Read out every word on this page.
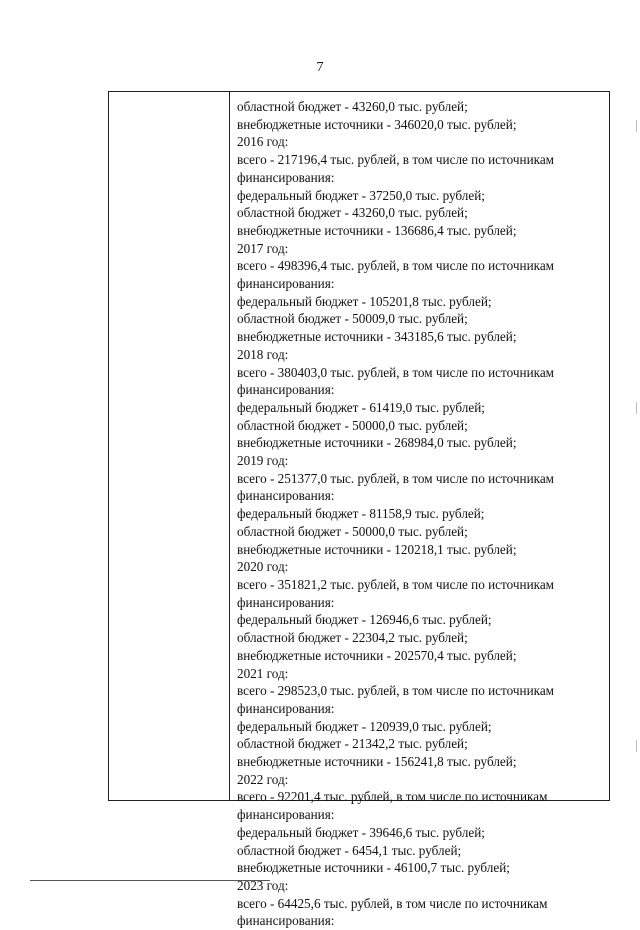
7
областной бюджет - 43260,0 тыс. рублей;
внебюджетные источники - 346020,0 тыс. рублей;
2016 год:
всего - 217196,4 тыс. рублей, в том числе по источникам
финансирования:
федеральный бюджет - 37250,0 тыс. рублей;
областной бюджет - 43260,0 тыс. рублей;
внебюджетные источники - 136686,4 тыс. рублей;
2017 год:
всего - 498396,4 тыс. рублей, в том числе по источникам
финансирования:
федеральный бюджет - 105201,8 тыс. рублей;
областной бюджет - 50009,0 тыс. рублей;
внебюджетные источники - 343185,6 тыс. рублей;
2018 год:
всего - 380403,0 тыс. рублей, в том числе по источникам
финансирования:
федеральный бюджет - 61419,0 тыс. рублей;
областной бюджет - 50000,0 тыс. рублей;
внебюджетные источники - 268984,0 тыс. рублей;
2019 год:
всего - 251377,0 тыс. рублей, в том числе по источникам
финансирования:
федеральный бюджет - 81158,9 тыс. рублей;
областной бюджет - 50000,0 тыс. рублей;
внебюджетные источники - 120218,1 тыс. рублей;
2020 год:
всего - 351821,2 тыс. рублей, в том числе по источникам
финансирования:
федеральный бюджет - 126946,6 тыс. рублей;
областной бюджет - 22304,2 тыс. рублей;
внебюджетные источники - 202570,4 тыс. рублей;
2021 год:
всего - 298523,0 тыс. рублей, в том числе по источникам
финансирования:
федеральный бюджет - 120939,0 тыс. рублей;
областной бюджет - 21342,2 тыс. рублей;
внебюджетные источники - 156241,8 тыс. рублей;
2022 год:
всего - 92201,4 тыс. рублей, в том числе по источникам
финансирования:
федеральный бюджет - 39646,6 тыс. рублей;
областной бюджет - 6454,1 тыс. рублей;
внебюджетные источники - 46100,7 тыс. рублей;
2023 год:
всего - 64425,6 тыс. рублей, в том числе по источникам
финансирования:
